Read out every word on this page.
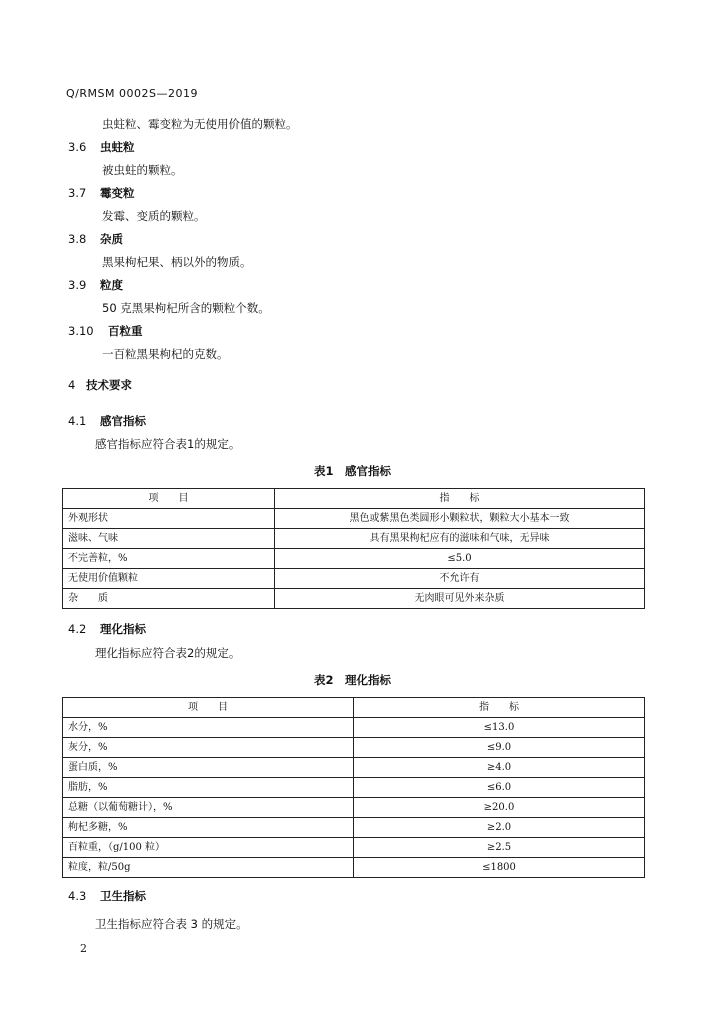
Q/RMSM 0002S—2019
虫蛀粒、霉变粒为无使用价值的颗粒。
3.6 虫蛀粒
被虫蛀的颗粒。
3.7 霉变粒
发霉、变质的颗粒。
3.8 杂质
黑果枸杞果、柄以外的物质。
3.9 粒度
50 克黑果枸杞所含的颗粒个数。
3.10 百粒重
一百粒黑果枸杞的克数。
4 技术要求
4.1 感官指标
感官指标应符合表1的规定。
表1　感官指标
项　　目	指　　标
外观形状	黑色或紫黑色类圆形小颗粒状，颗粒大小基本一致
滋味、气味	具有黑果枸杞应有的滋味和气味，无异味
不完善粒，%	≤5.0
无使用价值颗粒	不允许有
杂　　质	无肉眼可见外来杂质
4.2 理化指标
理化指标应符合表2的规定。
表2　理化指标
项　　目	指　　标
水分，%	≤13.0
灰分，%	≤9.0
蛋白质，%	≥4.0
脂肪，%	≤6.0
总糖（以葡萄糖计），%	≥20.0
枸杞多糖，%	≥2.0
百粒重，（g/100 粒）	≥2.5
粒度，粒/50g	≤1800
4.3 卫生指标
卫生指标应符合表 3 的规定。
2
